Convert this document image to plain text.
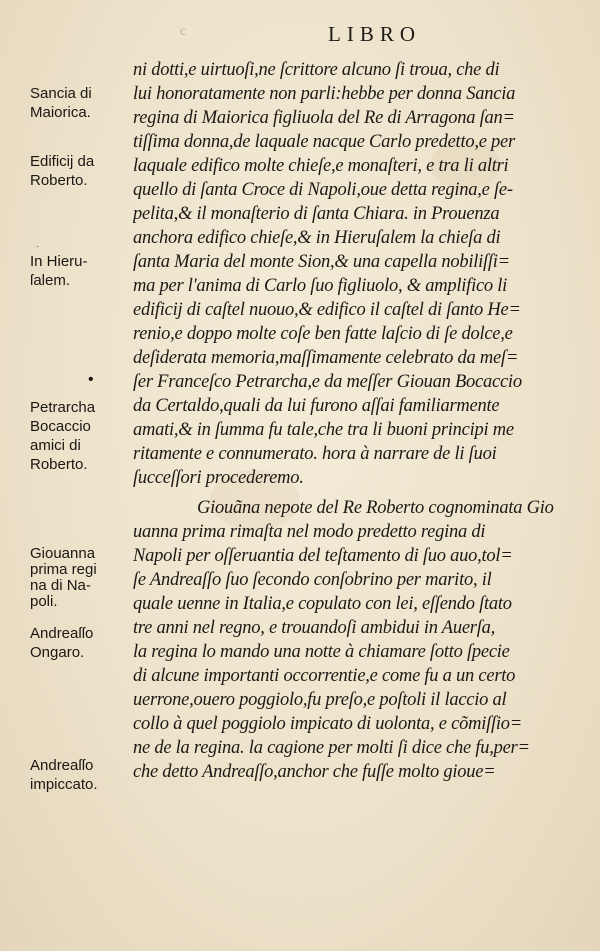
c	LIBRO
ni dotti,e uirtuoſi,ne ſcrittore alcuno ſi troua, che di
lui honoratamente non parli:hebbe per donna Sancia
regina di Maiorica figliuola del Re di Arragona ſan=
tiſſima donna,de laquale nacque Carlo predetto,e per
laquale edifico molte chieſe,e monaſteri, e tra li altri
quello di ſanta Croce di Napoli,oue detta regina,e ſe-
pelita,& il monaſterio di ſanta Chiara. in Prouenza
anchora edifico chieſe,& in Hieruſalem la chieſa di
ſanta Maria del monte Sion,& una capella nobiliſſi=
ma per l'anima di Carlo ſuo figliuolo, & amplifico li
edificij di caſtel nuouo,& edifico il caſtel di ſanto He=
renio,e doppo molte coſe ben fatte laſcio di ſe dolce,e
deſiderata memoria,maſſimamente celebrato da meſ=
ſer Franceſco Petrarcha,e da meſſer Giouan Bocaccio
da Certaldo,quali da lui furono aſſai familiarmente
amati,& in ſumma fu tale,che tra li buoni principi me
ritamente e connumerato. hora à narrare de li ſuoi
ſucceſſori procederemo.
Giouãna nepote del Re Roberto cognominata Gio
uanna prima rimaſta nel modo predetto regina di
Napoli per oſſeruantia del teſtamento di ſuo auo,tol=
ſe Andreaſſo ſuo ſecondo conſobrino per marito, il
quale uenne in Italia,e copulato con lei, eſſendo ſtato
tre anni nel regno, e trouandoſi ambidui in Auerſa,
la regina lo mando una notte à chiamare ſotto ſpecie
di alcune importanti occorrentie,e come fu a un certo
uerrone,ouero poggiolo,fu preſo,e poſtoli il laccio al
collo à quel poggiolo impicato di uolonta, e cõmiſſio=
ne de la regina. la cagione per molti ſi dice che fu,per=
che detto Andreaſſo,anchor che fuſſe molto gioue=
Sancia di
Maiorica.
Edificij da
Roberto.
·
In Hieru-
ſalem.
•
Petrarcha
Bocaccio
amici di
Roberto.
Giouanna
prima regi
na di Na-
poli.
Andreaſſo
Ongaro.
Andreaſſo
impiccato.
